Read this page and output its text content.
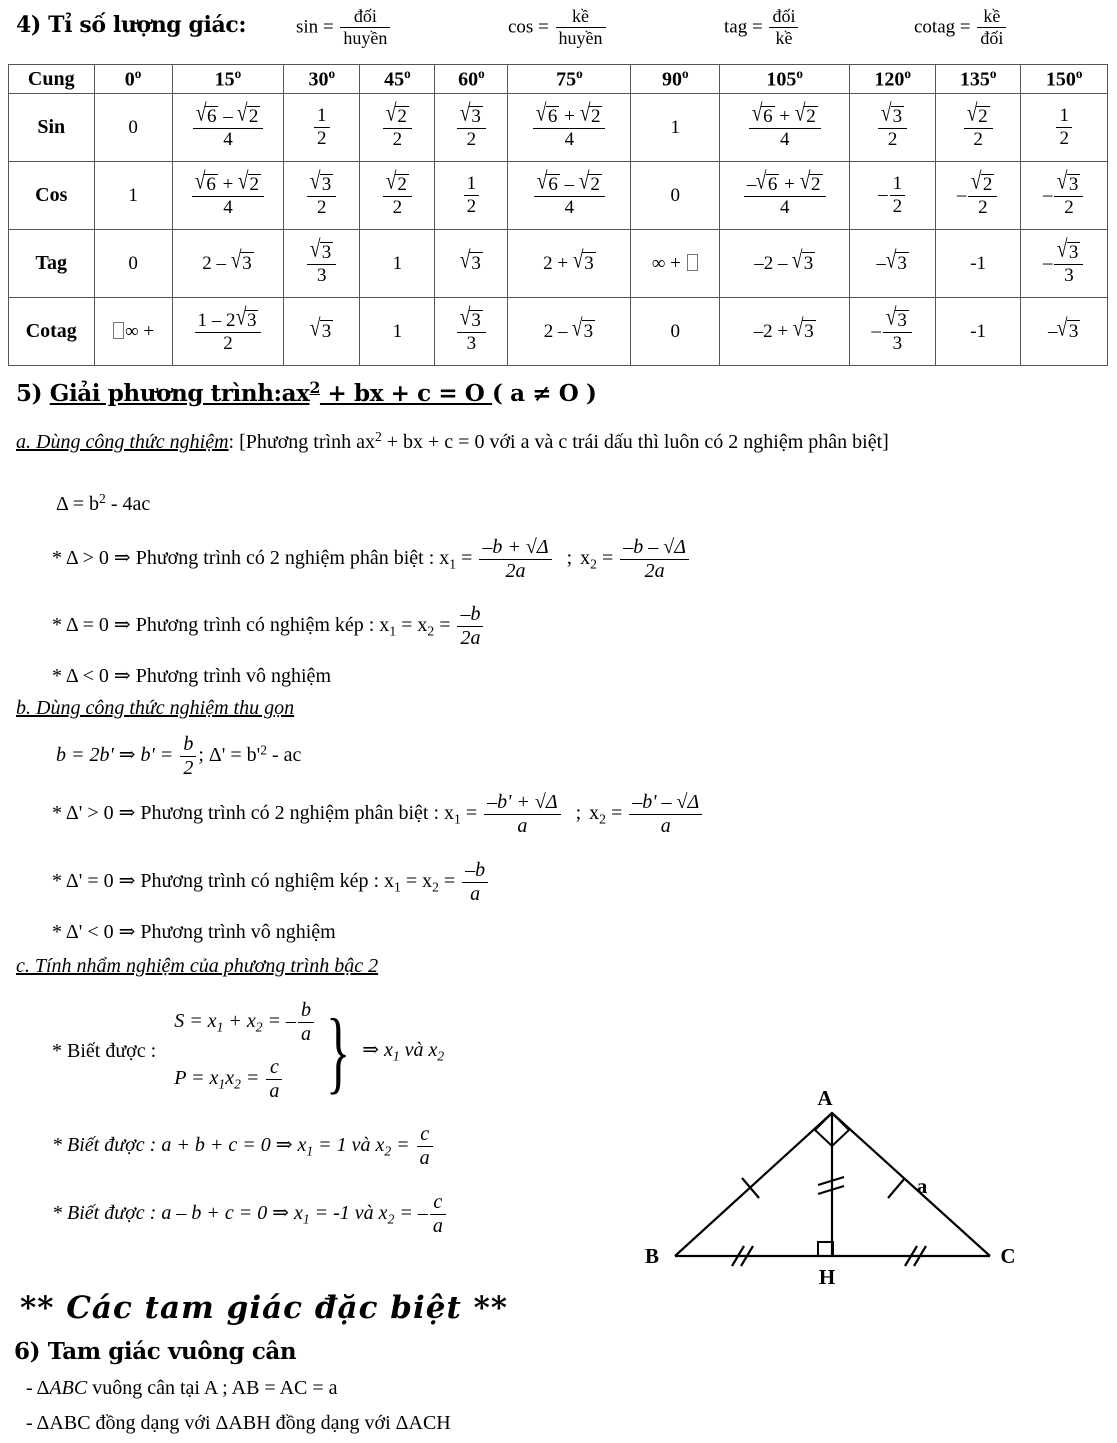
4) Tỉ số lượng giác:	$\sin = \frac{\text{đối}}{\text{huyền}}$	$\cos = \frac{\text{kề}}{\text{huyền}}$	tag = $\frac{\text{đối}}{\text{kề}}$	cotag = $\frac{\text{kề}}{\text{đối}}$
Cung	0$^o$	15$^o$	30$^o$	45$^o$	60$^o$	75$^o$	90$^o$	105$^o$	120$^o$	135$^o$	150$^o$
Sin	0	$\frac{√6 - √2}{4}$	$\frac{1}{2}$	$\frac{√2}{2}$	$\frac{√3}{2}$	$\frac{√6 + √2}{4}$	1	$\frac{√6 + √2}{4}$	$\frac{√3}{2}$	$\frac{√2}{2}$	$\frac{1}{2}$

Cos	1	$\frac{√6 + √2}{4}$	$\frac{√3}{2}$	$\frac{√2}{2}$	$\frac{1}{2}$	$\frac{√6 - √2}{4}$	0	$\frac{-√6 + √2}{4}$	– $\frac{1}{2}$	– $\frac{√2}{2}$	– $\frac{√3}{2}$

Tag	0	2 – √3	$\frac{√3}{3}$	1	√3	2 + √3	∞ +	–2 – √3	–√3	-1	– $\frac{√3}{3}$

Cotag	∞ +	$\frac{1 - 2√3}{2}$	√3	1	$\frac{√3}{3}$	2 – √3	0	–2 + √3	– $\frac{√3}{3}$	-1	–√3
5) Giải phương $trình:ax^2$ + bx + c = O ( a ≠ O )
a. Dùng công thức nghiệm: [Phương trình $ax^2$ + bx + c = 0 với a và c trái dấu thì luôn có 2 nghiệm phân biệt]
$\Delta = b^2 - 4ac$
* Δ > 0 ⇒ Phương trình có 2 nghiệm phân biệt : $x_1 = \frac{-b + √\Delta}{2a}$ ; $x_2 = \frac{-b - √\Delta}{2a}$
* Δ = 0 ⇒ Phương trình có nghiệm kép : $x_1 = x_2 = \frac{-b}{2a}$
* Δ < 0 ⇒ Phương trình vô nghiệm
b. Dùng công thức nghiệm thu gọn
b = 2b' ⇒ $b' = \frac{b}{2}$ ; $\Delta' = b'^2$ - ac
* Δ' > 0 ⇒ Phương trình có 2 nghiệm phân biệt : $x_1 = \frac{-b' + √\Delta}{a}$ ; $x_2 = \frac{-b' - √\Delta}{a}$
* Δ' = 0 ⇒ Phương trình có nghiệm kép : $x_1 = x_2 = \frac{-b}{a}$
* Δ' < 0 ⇒ Phương trình vô nghiệm
c. Tính nhẩm nghiệm của phương trình bậc 2
* Biết được :
$S = x_1 + x_2$ = – $\frac{b}{a}$
$P = x_1x_2 = \frac{c}{a}$ } ⇒ $x_1$ và $x_2$
* Biết được : a + b + c = 0 ⇒ $x_1 = 1$ và $x_2 = \frac{c}{a}$
* Biết được : a – b + c = 0 ⇒ $x_1 = -1$ và $x_2$ = – $\frac{c}{a}$
A
B	C
H
a
** Các tam giác đặc biệt **
6) Tam giác vuông cân
- ΔABC vuông cân tại A ; AB = AC = a
- ΔABC đồng dạng với ΔABH đồng dạng với ΔACH
